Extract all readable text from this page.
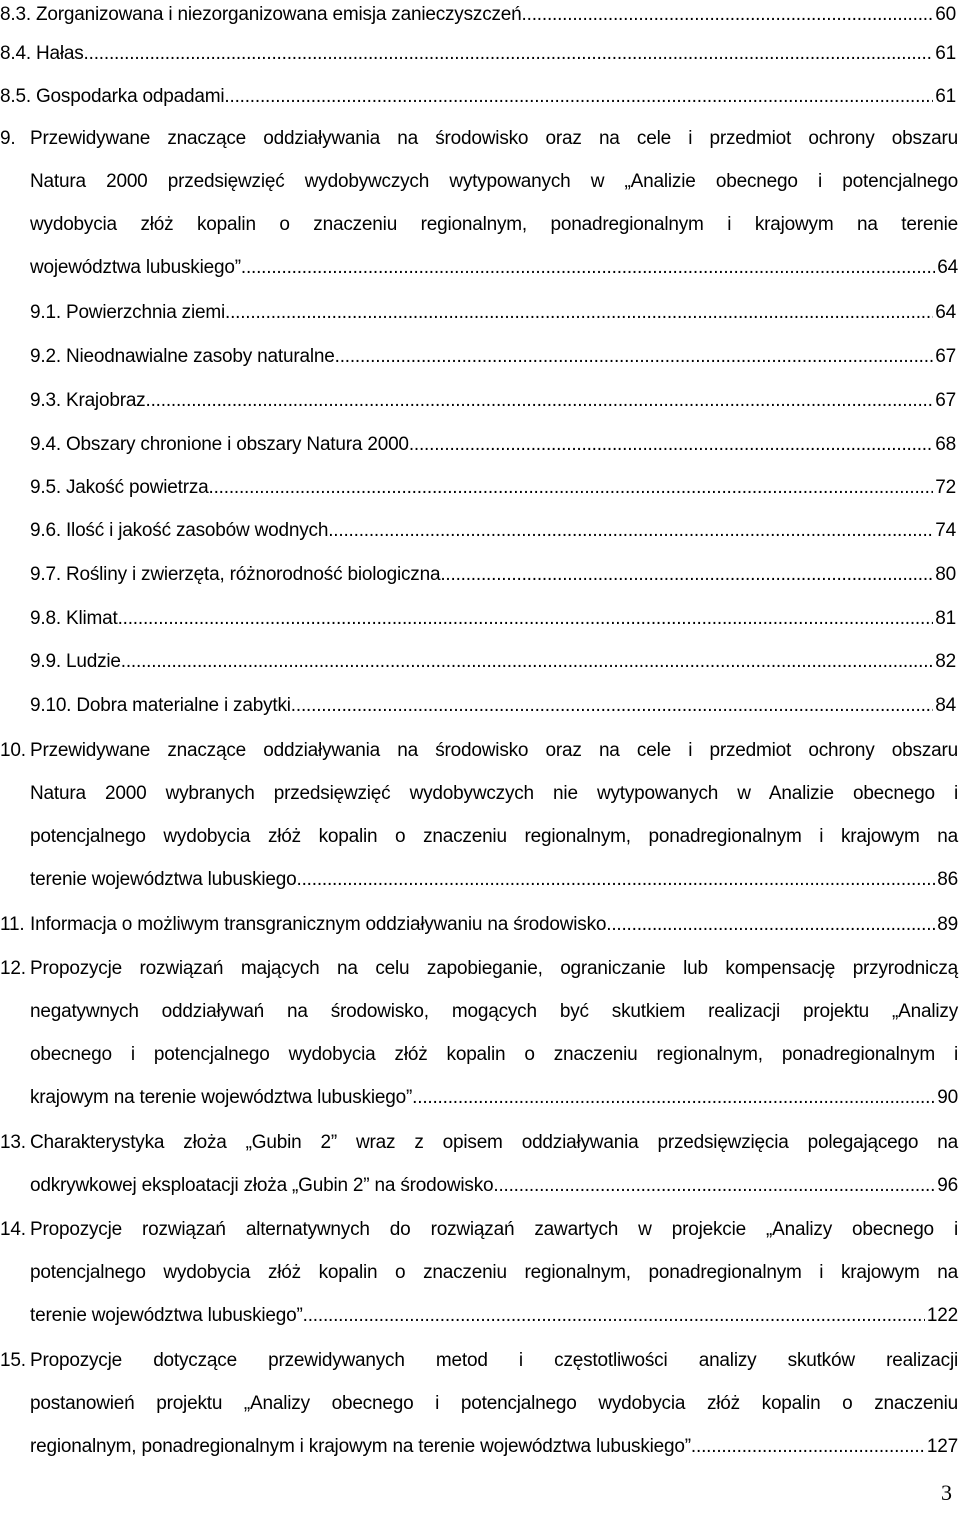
8.3. Zorganizowana i niezorganizowana emisja zanieczyszczeń .....	60
8.4. Hałas .....	61
8.5. Gospodarka odpadami .....	61
9. Przewidywane znaczące oddziaływania na środowisko oraz na cele i przedmiot ochrony obszaru
Natura 2000 przedsięwzięć wydobywczych wytypowanych w „Analizie obecnego i potencjalnego
wydobycia złóż kopalin o znaczeniu regionalnym, ponadregionalnym i krajowym na terenie
województwa lubuskiego” .....	64
9.1. Powierzchnia ziemi .....	64
9.2. Nieodnawialne zasoby naturalne .....	67
9.3. Krajobraz .....	67
9.4. Obszary chronione i obszary Natura 2000 .....	68
9.5. Jakość powietrza .....	72
9.6. Ilość i jakość zasobów wodnych .....	74
9.7. Rośliny i zwierzęta, różnorodność biologiczna .....	80
9.8. Klimat .....	81
9.9. Ludzie .....	82
9.10. Dobra materialne i zabytki .....	84
10. Przewidywane znaczące oddziaływania na środowisko oraz na cele i przedmiot ochrony obszaru
Natura 2000 wybranych przedsięwzięć wydobywczych nie wytypowanych w Analizie obecnego i
potencjalnego wydobycia złóż kopalin o znaczeniu regionalnym, ponadregionalnym i krajowym na
terenie województwa lubuskiego. .....	86
11. Informacja o możliwym transgranicznym oddziaływaniu na środowisko .....	89
12. Propozycje rozwiązań mających na celu zapobieganie, ograniczanie lub kompensację przyrodniczą
negatywnych oddziaływań na środowisko, mogących być skutkiem realizacji projektu „Analizy
obecnego i potencjalnego wydobycia złóż kopalin o znaczeniu regionalnym, ponadregionalnym i
krajowym na terenie województwa lubuskiego” .....	90
13. Charakterystyka złoża „Gubin 2” wraz z opisem oddziaływania przedsięwzięcia polegającego na
odkrywkowej eksploatacji złoża „Gubin 2” na środowisko. .....	96
14. Propozycje rozwiązań alternatywnych do rozwiązań zawartych w projekcie „Analizy obecnego i
potencjalnego wydobycia złóż kopalin o znaczeniu regionalnym, ponadregionalnym i krajowym na
terenie województwa lubuskiego” .....	122
15. Propozycje dotyczące przewidywanych metod i częstotliwości analizy skutków realizacji
postanowień projektu „Analizy obecnego i potencjalnego wydobycia złóż kopalin o znaczeniu
regionalnym, ponadregionalnym i krajowym na terenie województwa lubuskiego” .....	127
3
